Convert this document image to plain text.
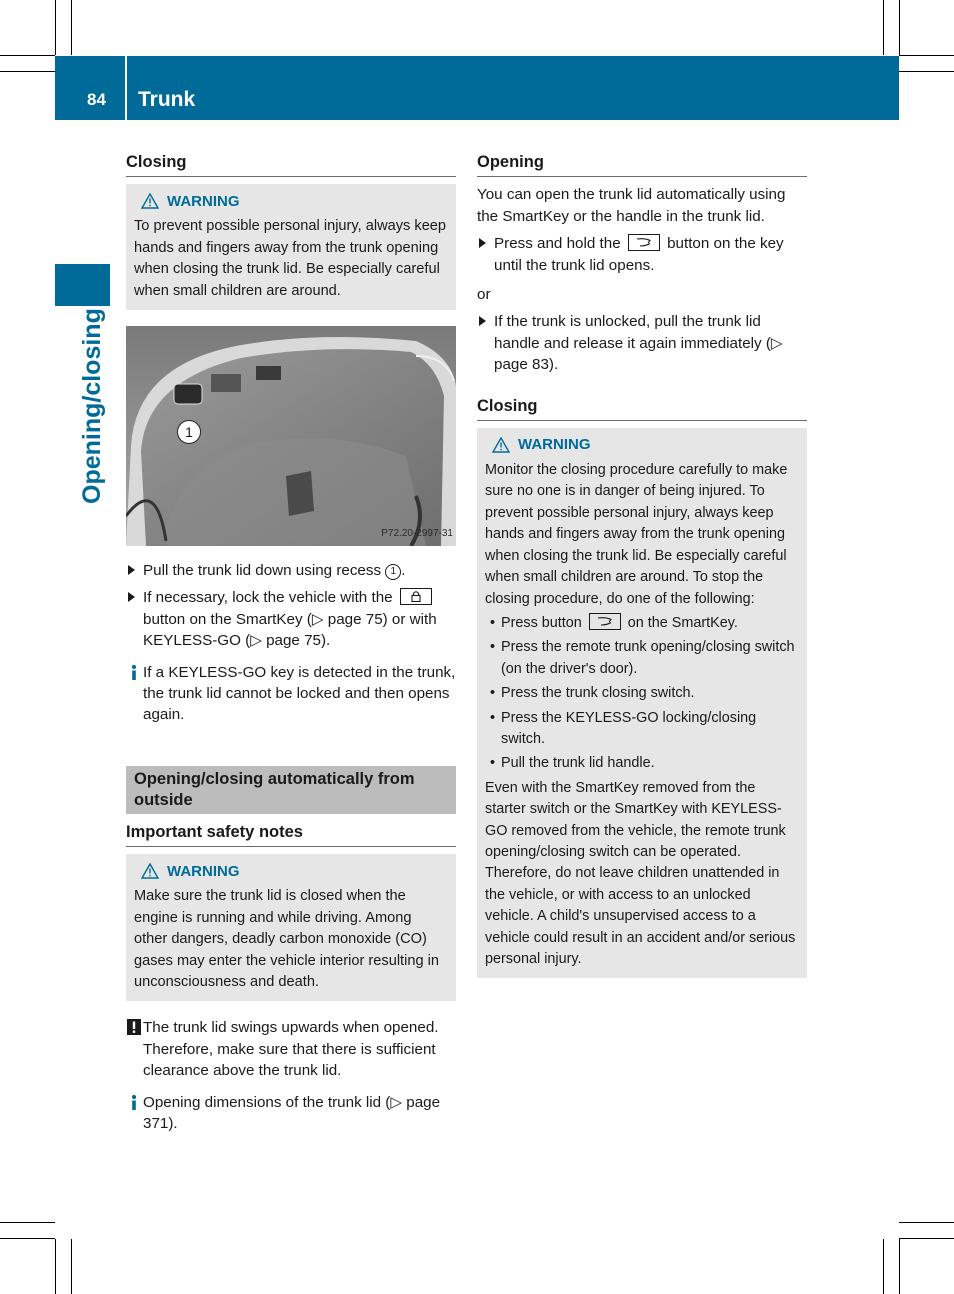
84 Trunk
Opening/closing
Closing
WARNING
To prevent possible personal injury, always keep hands and fingers away from the trunk opening when closing the trunk lid. Be especially careful when small children are around.
1
P72.20-2997-31
Pull the trunk lid down using recess 1 .
If necessary, lock the vehicle with the
button on the SmartKey (▷ page 75) or with KEYLESS-GO (▷ page 75).
If a KEYLESS-GO key is detected in the trunk, the trunk lid cannot be locked and then opens again.
Opening/closing automatically from outside
Important safety notes
WARNING
Make sure the trunk lid is closed when the engine is running and while driving. Among other dangers, deadly carbon monoxide (CO) gases may enter the vehicle interior resulting in unconsciousness and death.
The trunk lid swings upwards when opened. Therefore, make sure that there is sufficient clearance above the trunk lid.
Opening dimensions of the trunk lid (▷ page 371).
Opening
You can open the trunk lid automatically using the SmartKey or the handle in the trunk lid.
Press and hold the	button on the key until the trunk lid opens.
or
If the trunk is unlocked, pull the trunk lid handle and release it again immediately (▷ page 83).
Closing
WARNING
Monitor the closing procedure carefully to make sure no one is in danger of being injured. To prevent possible personal injury, always keep hands and fingers away from the trunk opening when closing the trunk lid. Be especially careful when small children are around. To stop the closing procedure, do one of the following:
• Press button	on the SmartKey.
• Press the remote trunk opening/closing switch (on the driver's door).
• Press the trunk closing switch.
• Press the KEYLESS-GO locking/closing switch.
• Pull the trunk lid handle.
Even with the SmartKey removed from the starter switch or the SmartKey with KEYLESS-GO removed from the vehicle, the remote trunk opening/closing switch can be operated. Therefore, do not leave children unattended in the vehicle, or with access to an unlocked vehicle. A child's unsupervised access to a vehicle could result in an accident and/or serious personal injury.
